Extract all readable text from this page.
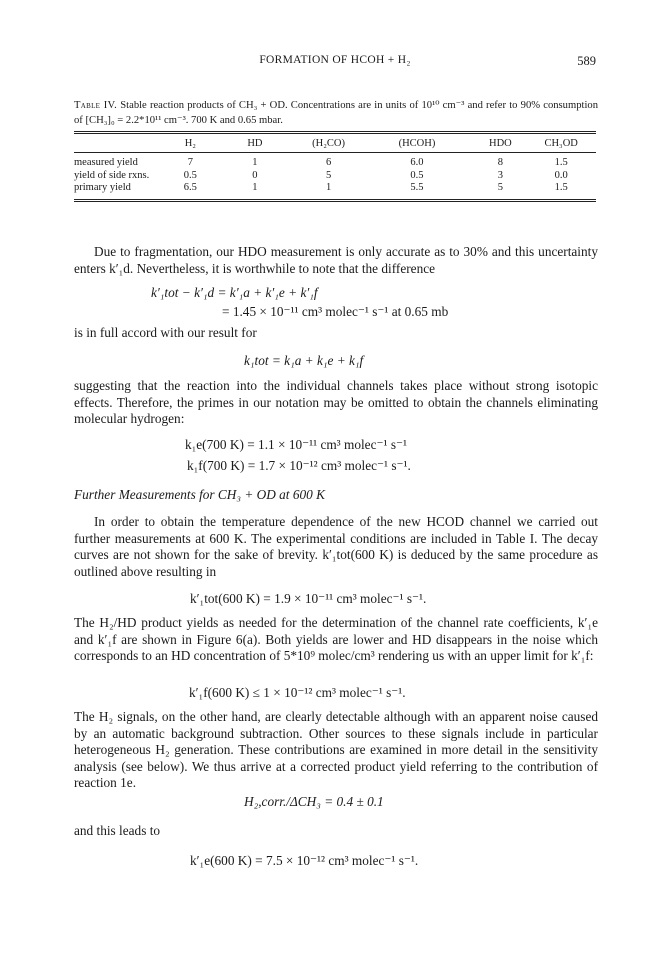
FORMATION OF HCOH + H₂	589
Table IV. Stable reaction products of CH₃ + OD. Concentrations are in units of 10¹⁰ cm⁻³ and refer to 90% consumption of [CH₃]₀ = 2.2*10¹¹ cm⁻³. 700 K and 0.65 mbar.
	H₂	HD	(H₂CO)	(HCOH)	HDO	CH₃OD
measured yield	7	1	6	6.0	8	1.5
yield of side rxns.	0.5	0	5	0.5	3	0.0
primary yield	6.5	1	1	5.5	5	1.5

Due to fragmentation, our HDO measurement is only accurate as to 30% and this uncertainty enters k′₁d. Nevertheless, it is worthwhile to note that the difference

k′₁tot − k′₁d = k′₁a + k′₁e + k′₁f
= 1.45 × 10⁻¹¹ cm³ molec⁻¹ s⁻¹ at 0.65 mb

is in full accord with our result for

k₁tot = k₁a + k₁e + k₁f

suggesting that the reaction into the individual channels takes place without strong isotopic effects. Therefore, the primes in our notation may be omitted to obtain the channels eliminating molecular hydrogen:

k₁e(700 K) = 1.1 × 10⁻¹¹ cm³ molec⁻¹ s⁻¹
k₁f(700 K) = 1.7 × 10⁻¹² cm³ molec⁻¹ s⁻¹.
Further Measurements for CH₃ + OD at 600 K

In order to obtain the temperature dependence of the new HCOD channel we carried out further measurements at 600 K. The experimental conditions are included in Table I. The decay curves are not shown for the sake of brevity. k′₁tot(600 K) is deduced by the same procedure as outlined above resulting in

k′₁tot(600 K) = 1.9 × 10⁻¹¹ cm³ molec⁻¹ s⁻¹.

The H₂/HD product yields as needed for the determination of the channel rate coefficients, k′₁e and k′₁f are shown in Figure 6(a). Both yields are lower and HD disappears in the noise which corresponds to an HD concentration of 5*10⁹ molec/cm³ rendering us with an upper limit for k′₁f:

k′₁f(600 K) ≤ 1 × 10⁻¹² cm³ molec⁻¹ s⁻¹.

The H₂ signals, on the other hand, are clearly detectable although with an apparent noise caused by an automatic background subtraction. Other sources to these signals include in particular heterogeneous H₂ generation. These contributions are examined in more detail in the sensitivity analysis (see below). We thus arrive at a corrected product yield referring to the contribution of reaction 1e.

H₂,corr./ΔCH₃ = 0.4 ± 0.1

and this leads to

k′₁e(600 K) = 7.5 × 10⁻¹² cm³ molec⁻¹ s⁻¹.
